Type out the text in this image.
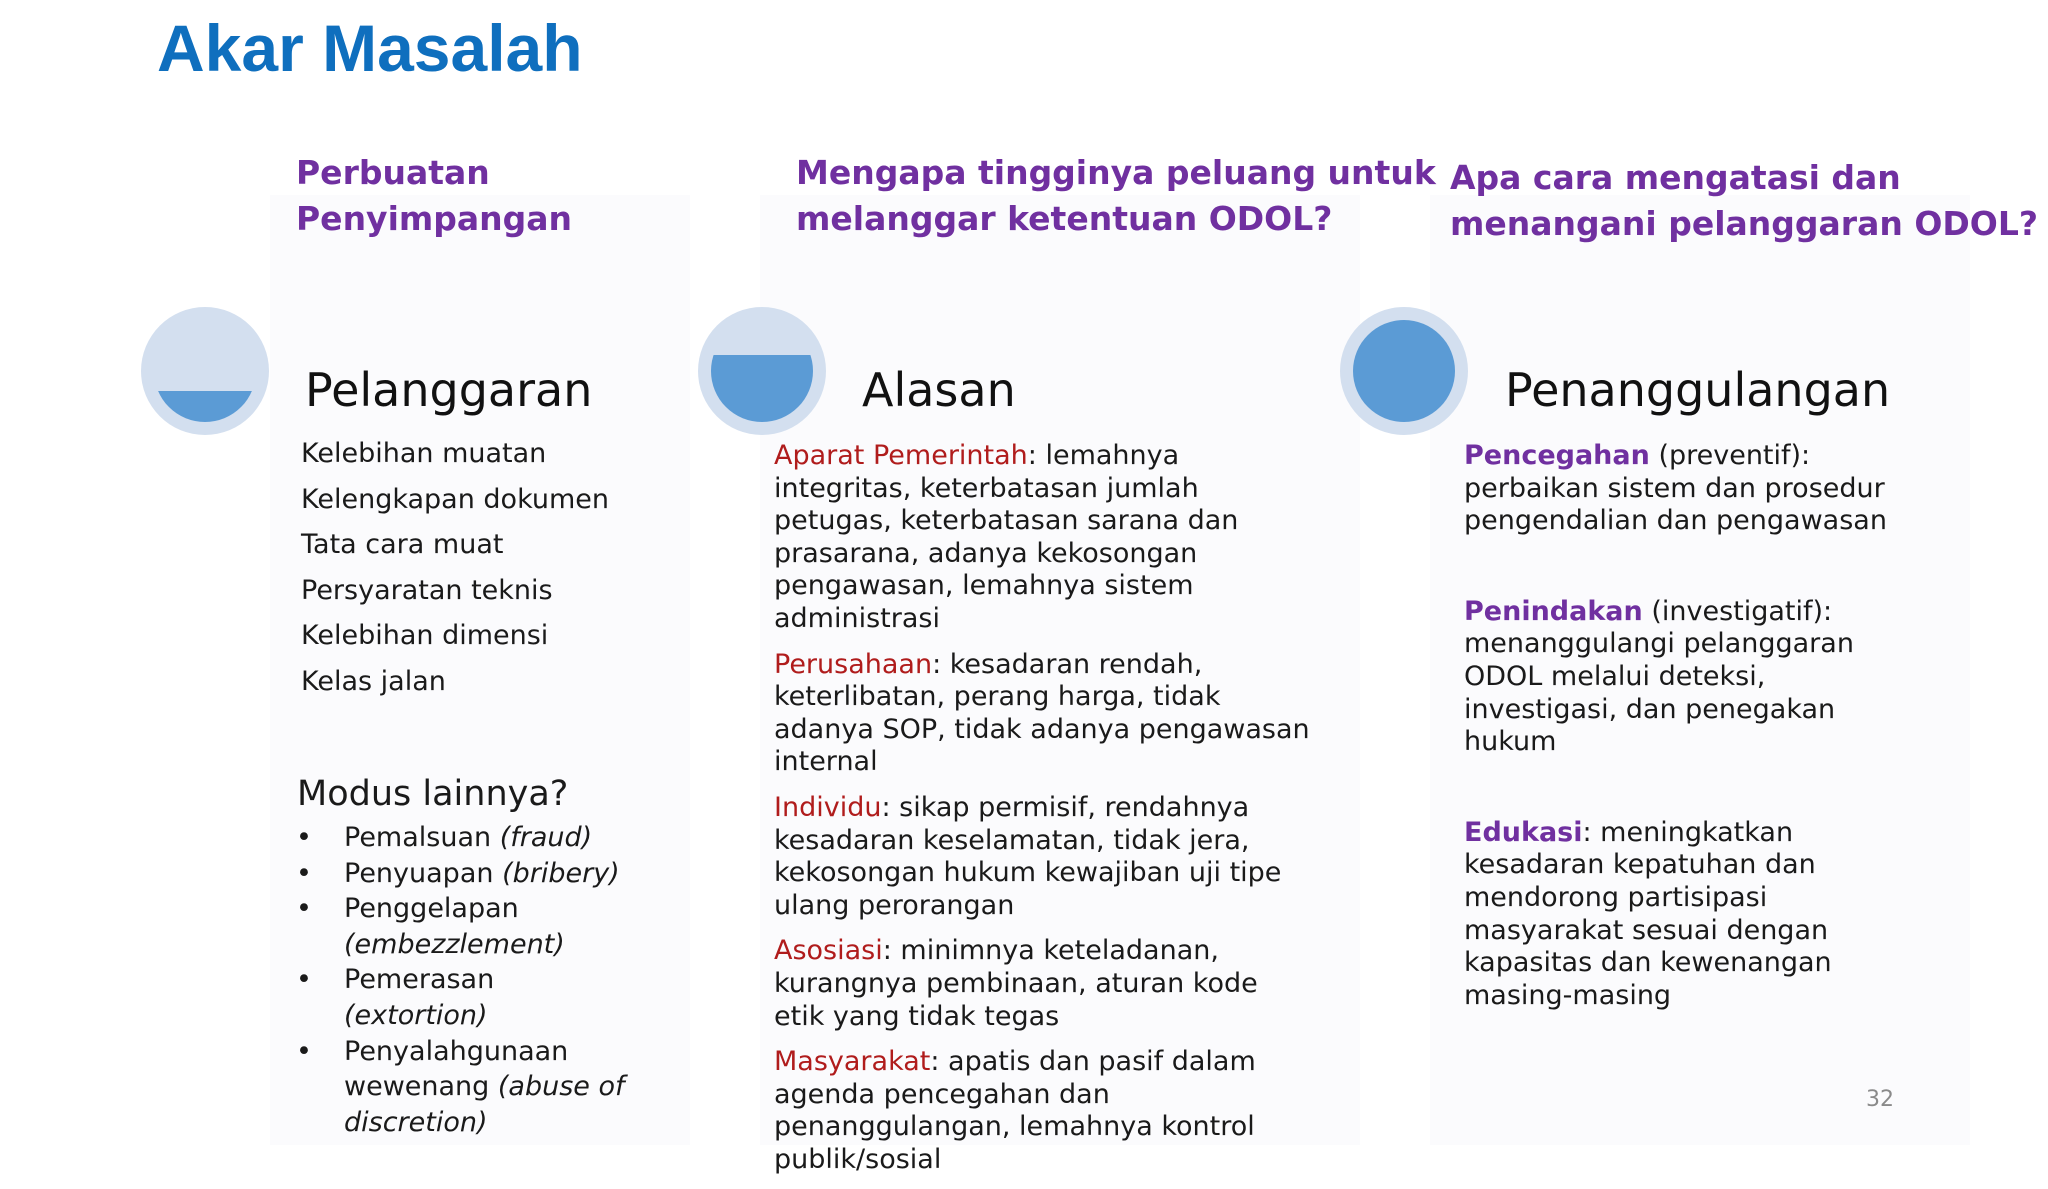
Akar Masalah
Perbuatan
Penyimpangan
Pelanggaran
Kelebihan muatan
Kelengkapan dokumen
Tata cara muat
Persyaratan teknis
Kelebihan dimensi
Kelas jalan
Modus lainnya?
• Pemalsuan (fraud)
• Penyuapan (bribery)
• Penggelapan
(embezzlement)
• Pemerasan (extortion)
• Penyalahgunaan wewenang (abuse of discretion)
Mengapa tingginya peluang untuk
melanggar ketentuan ODOL?
Alasan
Aparat Pemerintah: lemahnya integritas, keterbatasan jumlah petugas, keterbatasan sarana dan prasarana, adanya kekosongan pengawasan, lemahnya sistem administrasi
Perusahaan: kesadaran rendah, keterlibatan, perang harga, tidak adanya SOP, tidak adanya pengawasan internal
Individu: sikap permisif, rendahnya kesadaran keselamatan, tidak jera, kekosongan hukum kewajiban uji tipe ulang perorangan
Asosiasi: minimnya keteladanan, kurangnya pembinaan, aturan kode etik yang tidak tegas
Masyarakat: apatis dan pasif dalam agenda pencegahan dan penanggulangan, lemahnya kontrol publik/sosial
Apa cara mengatasi dan
menangani pelanggaran ODOL?
Penanggulangan
Pencegahan (preventif): perbaikan sistem dan prosedur pengendalian dan pengawasan
Penindakan (investigatif): menanggulangi pelanggaran ODOL melalui deteksi, investigasi, dan penegakan hukum
Edukasi: meningkatkan kesadaran kepatuhan dan mendorong partisipasi masyarakat sesuai dengan kapasitas dan kewenangan masing-masing
32
